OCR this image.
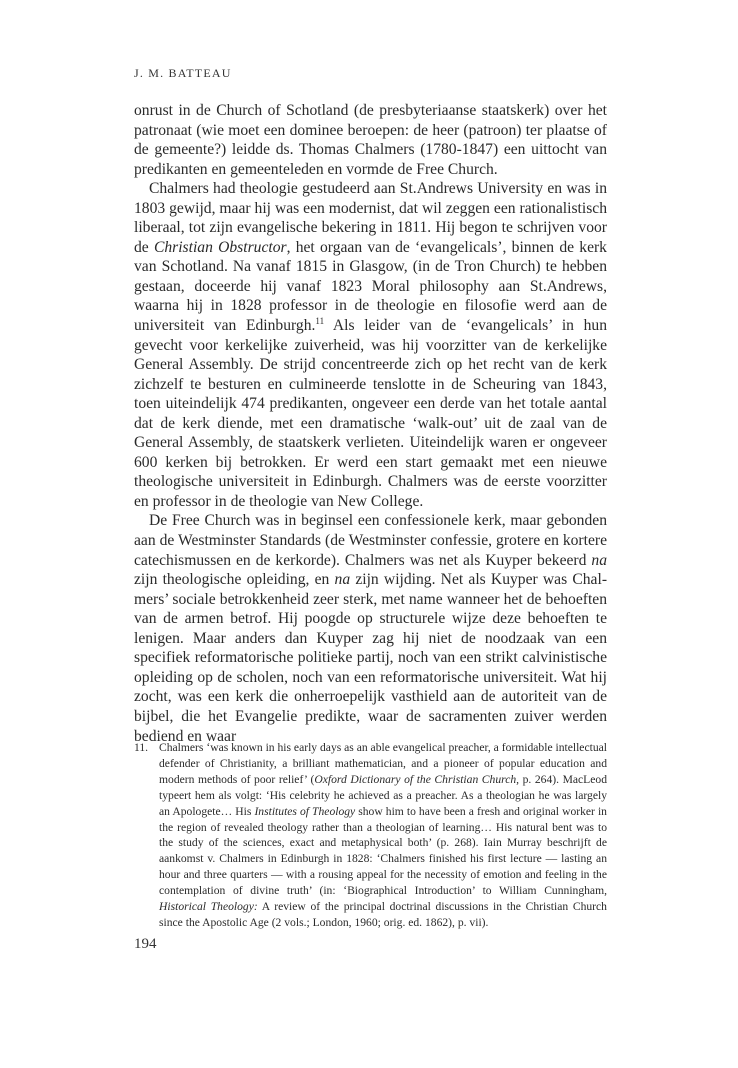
J. M. BATTEAU

onrust in de Church of Schotland (de presbyteriaanse staatskerk) over het patronaat (wie moet een dominee beroepen: de heer (patroon) ter plaatse of de gemeente?) leidde ds. Thomas Chalmers (1780-1847) een uittocht van predikanten en gemeenteleden en vormde de Free Church.

Chalmers had theologie gestudeerd aan St.Andrews University en was in 1803 gewijd, maar hij was een modernist, dat wil zeggen een rationalistisch liberaal, tot zijn evangelische bekering in 1811. Hij begon te schrijven voor de Christian Obstructor, het orgaan van de ‘evangelicals’, binnen de kerk van Schotland. Na vanaf 1815 in Glasgow, (in de Tron Church) te hebben gestaan, doceerde hij vanaf 1823 Moral philosophy aan St.Andrews, waarna hij in 1828 professor in de theologie en filosofie werd aan de universiteit van Edinburgh.$^{11}$ Als leider van de ‘evangelicals’ in hun gevecht voor kerkelijke zuiverheid, was hij voorzitter van de kerkelijke General Assembly. De strijd concentreerde zich op het recht van de kerk zichzelf te besturen en culmineerde tenslotte in de Scheuring van 1843, toen uiteindelijk 474 predikanten, ongeveer een derde van het totale aantal dat de kerk diende, met een dramatische ‘walk-out’ uit de zaal van de General Assembly, de staatskerk verlieten. Uiteindelijk waren er ongeveer 600 kerken bij betrokken. Er werd een start gemaakt met een nieuwe theologische universiteit in Edinburgh. Chalmers was de eerste voorzitter en professor in de theologie van New College.

De Free Church was in beginsel een confessionele kerk, maar gebonden aan de Westminster Standards (de Westminster confessie, grotere en kortere catechismussen en de kerkorde). Chalmers was net als Kuyper bekeerd na zijn theologische opleiding, en na zijn wijding. Net als Kuyper was Chalmers’ sociale betrokkenheid zeer sterk, met name wanneer het de behoeften van de armen betrof. Hij poogde op structurele wijze deze behoeften te lenigen. Maar anders dan Kuyper zag hij niet de noodzaak van een specifiek reformatorische politieke partij, noch van een strikt calvinistische opleiding op de scholen, noch van een reformatorische universiteit. Wat hij zocht, was een kerk die onherroepelijk vasthield aan de autoriteit van de bijbel, die het Evangelie predikte, waar de sacramenten zuiver werden bediend en waar

11. Chalmers ‘was known in his early days as an able evangelical preacher, a formidable intellectual defender of Christianity, a brilliant mathematician, and a pioneer of popular education and modern methods of poor relief’ (Oxford Dictionary of the Christian Church, p. 264). MacLeod typeert hem als volgt: ‘His celebrity he achieved as a preacher. As a theologian he was largely an Apologete… His Institutes of Theology show him to have been a fresh and original worker in the region of revealed theology rather than a theologian of learning… His natural bent was to the study of the sciences, exact and metaphysical both’ (p. 268). Iain Murray beschrijft de aankomst v. Chalmers in Edinburgh in 1828: ‘Chalmers finished his first lecture — lasting an hour and three quarters — with a rousing appeal for the necessity of emotion and feeling in the contemplation of divine truth’ (in: ‘Biographical Introduction’ to William Cunningham, Historical Theology: A review of the principal doctrinal discussions in the Christian Church since the Apostolic Age (2 vols.; London, 1960; orig. ed. 1862), p. vii).
194
